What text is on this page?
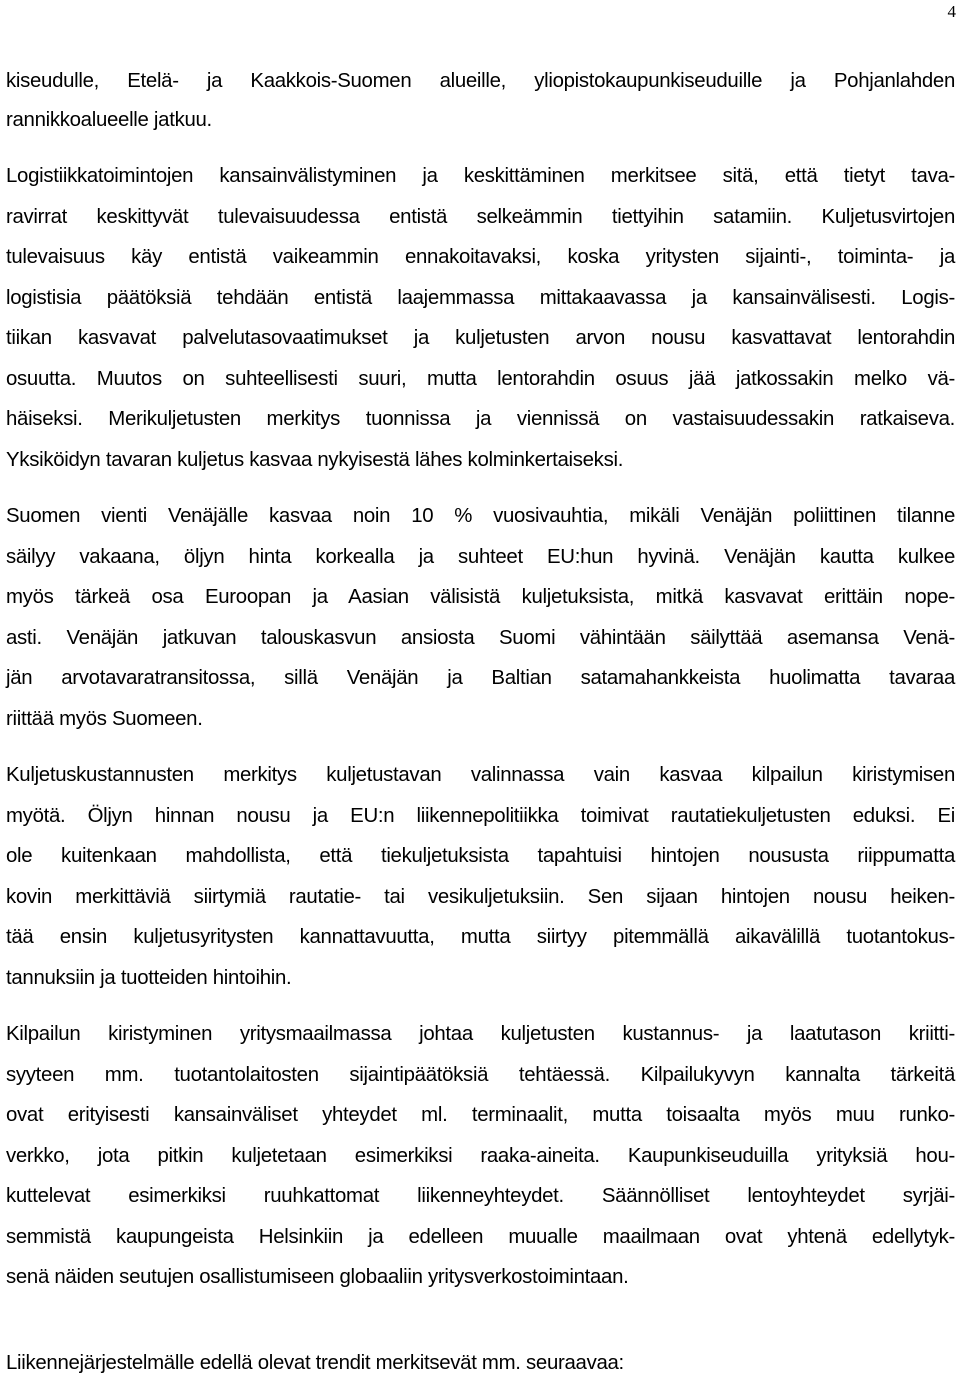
4

kiseudulle, Etelä- ja Kaakkois-Suomen alueille, yliopistokaupunkiseuduille ja Pohjanlahden
rannikkoalueelle jatkuu.

Logistiikkatoimintojen kansainvälistyminen ja keskittäminen merkitsee sitä, että tietyt tava-
ravirrat keskittyvät tulevaisuudessa entistä selkeämmin tiettyihin satamiin. Kuljetusvirtojen
tulevaisuus käy entistä vaikeammin ennakoitavaksi, koska yritysten sijainti-, toiminta- ja
logistisia päätöksiä tehdään entistä laajemmassa mittakaavassa ja kansainvälisesti. Logis-
tiikan kasvavat palvelutasovaatimukset ja kuljetusten arvon nousu kasvattavat lentorahdin
osuutta. Muutos on suhteellisesti suuri, mutta lentorahdin osuus jää jatkossakin melko vä-
häiseksi. Merikuljetusten merkitys tuonnissa ja viennissä on vastaisuudessakin ratkaiseva.
Yksiköidyn tavaran kuljetus kasvaa nykyisestä lähes kolminkertaiseksi.

Suomen vienti Venäjälle kasvaa noin 10 % vuosivauhtia, mikäli Venäjän poliittinen tilanne
säilyy vakaana, öljyn hinta korkealla ja suhteet EU:hun hyvinä. Venäjän kautta kulkee
myös tärkeä osa Euroopan ja Aasian välisistä kuljetuksista, mitkä kasvavat erittäin nope-
asti. Venäjän jatkuvan talouskasvun ansiosta Suomi vähintään säilyttää asemansa Venä-
jän arvotavaratransitossa, sillä Venäjän ja Baltian satamahankkeista huolimatta tavaraa
riittää myös Suomeen.

Kuljetuskustannusten merkitys kuljetustavan valinnassa vain kasvaa kilpailun kiristymisen
myötä. Öljyn hinnan nousu ja EU:n liikennepolitiikka toimivat rautatiekuljetusten eduksi. Ei
ole kuitenkaan mahdollista, että tiekuljetuksista tapahtuisi hintojen noususta riippumatta
kovin merkittäviä siirtymiä rautatie- tai vesikuljetuksiin. Sen sijaan hintojen nousu heiken-
tää ensin kuljetusyritysten kannattavuutta, mutta siirtyy pitemmällä aikavälillä tuotantokus-
tannuksiin ja tuotteiden hintoihin.

Kilpailun kiristyminen yritysmaailmassa johtaa kuljetusten kustannus- ja laatutason kriitti-
syyteen mm. tuotantolaitosten sijaintipäätöksiä tehtäessä. Kilpailukyvyn kannalta tärkeitä
ovat erityisesti kansainväliset yhteydet ml. terminaalit, mutta toisaalta myös muu runko-
verkko, jota pitkin kuljetetaan esimerkiksi raaka-aineita. Kaupunkiseuduilla yrityksiä hou-
kuttelevat esimerkiksi ruuhkattomat liikenneyhteydet. Säännölliset lentoyhteydet syrjäi-
semmistä kaupungeista Helsinkiin ja edelleen muualle maailmaan ovat yhtenä edellytyk-
senä näiden seutujen osallistumiseen globaaliin yritysverkostoimintaan.

Liikennejärjestelmälle edellä olevat trendit merkitsevät mm. seuraavaa:
